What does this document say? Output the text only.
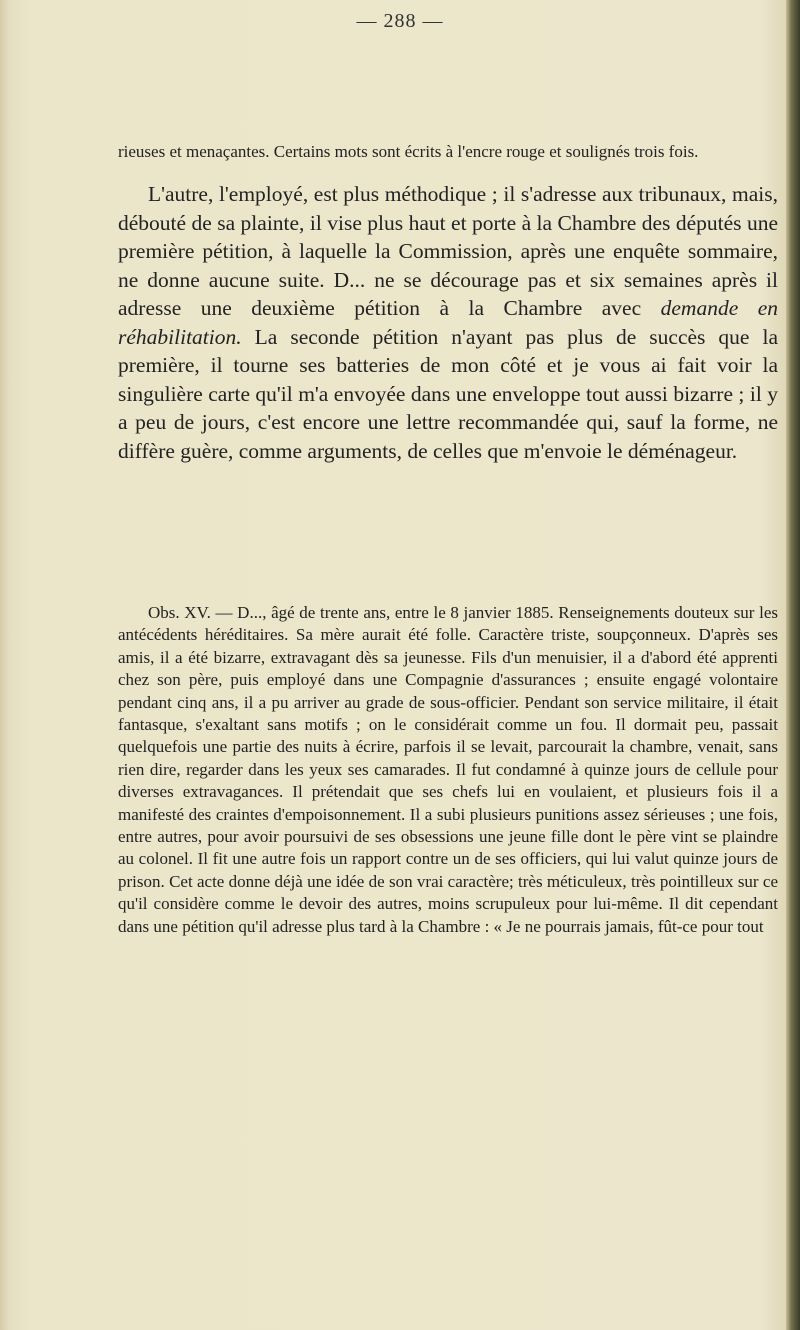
— 288 —

rieuses et menaçantes. Certains mots sont écrits à l'encre rouge et soulignés trois fois.

L'autre, l'employé, est plus méthodique ; il s'adresse aux tribunaux, mais, débouté de sa plainte, il vise plus haut et porte à la Chambre des députés une première pétition, à laquelle la Commission, après une enquête sommaire, ne donne aucune suite. D... ne se décourage pas et six semaines après il adresse une deuxième pétition à la Chambre avec demande en réhabilitation. La seconde pétition n'ayant pas plus de succès que la première, il tourne ses batteries de mon côté et je vous ai fait voir la singulière carte qu'il m'a envoyée dans une enveloppe tout aussi bizarre ; il y a peu de jours, c'est encore une lettre recommandée qui, sauf la forme, ne diffère guère, comme arguments, de celles que m'envoie le déménageur.

Obs. XV. — D..., âgé de trente ans, entre le 8 janvier 1885. Renseignements douteux sur les antécédents héréditaires. Sa mère aurait été folle. Caractère triste, soupçonneux. D'après ses amis, il a été bizarre, extravagant dès sa jeunesse. Fils d'un menuisier, il a d'abord été apprenti chez son père, puis employé dans une Compagnie d'assurances ; ensuite engagé volontaire pendant cinq ans, il a pu arriver au grade de sous-officier. Pendant son service militaire, il était fantasque, s'exaltant sans motifs ; on le considérait comme un fou. Il dormait peu, passait quelquefois une partie des nuits à écrire, parfois il se levait, parcourait la chambre, venait, sans rien dire, regarder dans les yeux ses camarades. Il fut condamné à quinze jours de cellule pour diverses extravagances. Il prétendait que ses chefs lui en voulaient, et plusieurs fois il a manifesté des craintes d'empoisonnement. Il a subi plusieurs punitions assez sérieuses ; une fois, entre autres, pour avoir poursuivi de ses obsessions une jeune fille dont le père vint se plaindre au colonel. Il fit une autre fois un rapport contre un de ses officiers, qui lui valut quinze jours de prison. Cet acte donne déjà une idée de son vrai caractère; très méticuleux, très pointilleux sur ce qu'il considère comme le devoir des autres, moins scrupuleux pour lui-même. Il dit cependant dans une pétition qu'il adresse plus tard à la Chambre : « Je ne pourrais jamais, fût-ce pour tout
